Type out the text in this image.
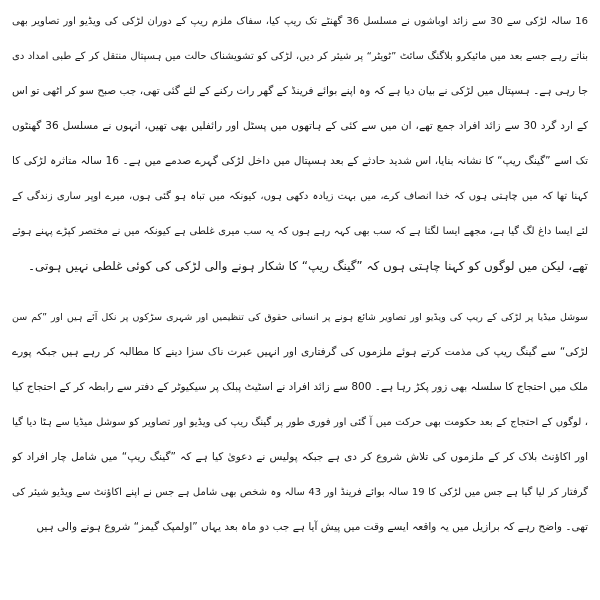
16 سالہ لڑکی سے 30 سے زائد اوباشوں نے مسلسل 36 گھنٹے تک ریپ کیا، سفاک ملزم ریپ کے دوران لڑکی کی ویڈیو اور تصاویر بھی
بناتے رہے جسے بعد میں مائیکرو بلاگنگ سائٹ ”ٹویٹر“ پر شیئر کر دیں، لڑکی کو تشویشناک حالت میں ہسپتال منتقل کر کے طبی امداد دی
جا رہی ہے۔ ہسپتال میں لڑکی نے بیان دیا ہے کہ وہ اپنے بوائے فرینڈ کے گھر رات رکنے کے لئے گئی تھی، جب صبح سو کر اٹھی تو اس
کے ارد گرد 30 سے زائد افراد جمع تھے، ان میں سے کئی کے ہاتھوں میں پسٹل اور رائفلیں بھی تھیں، انہوں نے مسلسل 36 گھنٹوں
تک اسے ”گینگ ریپ“ کا نشانہ بنایا، اس شدید حادثے کے بعد ہسپتال میں داخل لڑکی گہرے صدمے میں ہے۔ 16 سالہ متاثرہ لڑکی کا
کہنا تھا کہ میں چاہتی ہوں کہ خدا انصاف کرے، میں بہت زیادہ دکھی ہوں، کیونکہ میں تباہ ہو گئی ہوں، میرے اوپر ساری زندگی کے
لئے ایسا داغ لگ گیا ہے، مجھے ایسا لگتا ہے کہ سب بھی کہہ رہے ہوں کہ یہ سب میری غلطی ہے کیونکہ میں نے مختصر کپڑے پہنے ہوئے
تھے، لیکن میں لوگوں کو کہنا چاہتی ہوں کہ ”گینگ ریپ“ کا شکار ہونے والی لڑکی کی کوئی غلطی نہیں ہوتی۔
سوشل میڈیا پر لڑکی کے ریپ کی ویڈیو اور تصاویر شائع ہونے پر انسانی حقوق کی تنظیمیں اور شہری سڑکوں پر نکل آئے ہیں اور ”کم سن
لڑکی“ سے گینگ ریپ کی مذمت کرتے ہوئے ملزموں کی گرفتاری اور انہیں عبرت ناک سزا دینے کا مطالبہ کر رہے ہیں جبکہ پورے
ملک میں احتجاج کا سلسلہ بھی زور پکڑ رہا ہے۔ 800 سے زائد افراد نے اسٹیٹ پبلک پر سیکیوٹر کے دفتر سے رابطہ کر کے احتجاج کیا
، لوگوں کے احتجاج کے بعد حکومت بھی حرکت میں آ گئی اور فوری طور پر گینگ ریپ کی ویڈیو اور تصاویر کو سوشل میڈیا سے ہٹا دیا گیا
اور اکاؤنٹ بلاک کر کے ملزموں کی تلاش شروع کر دی ہے جبکہ پولیس نے دعویٰ کیا ہے کہ ”گینگ ریپ“ میں شامل چار افراد کو
گرفتار کر لیا گیا ہے جس میں لڑکی کا 19 سالہ بوائے فرینڈ اور 43 سالہ وہ شخص بھی شامل ہے جس نے اپنے اکاؤنٹ سے ویڈیو شیئر کی
تھی۔ واضح رہے کہ برازیل میں یہ واقعہ ایسے وقت میں پیش آیا ہے جب دو ماہ بعد یہاں ”اولمپک گیمز“ شروع ہونے والی ہیں
